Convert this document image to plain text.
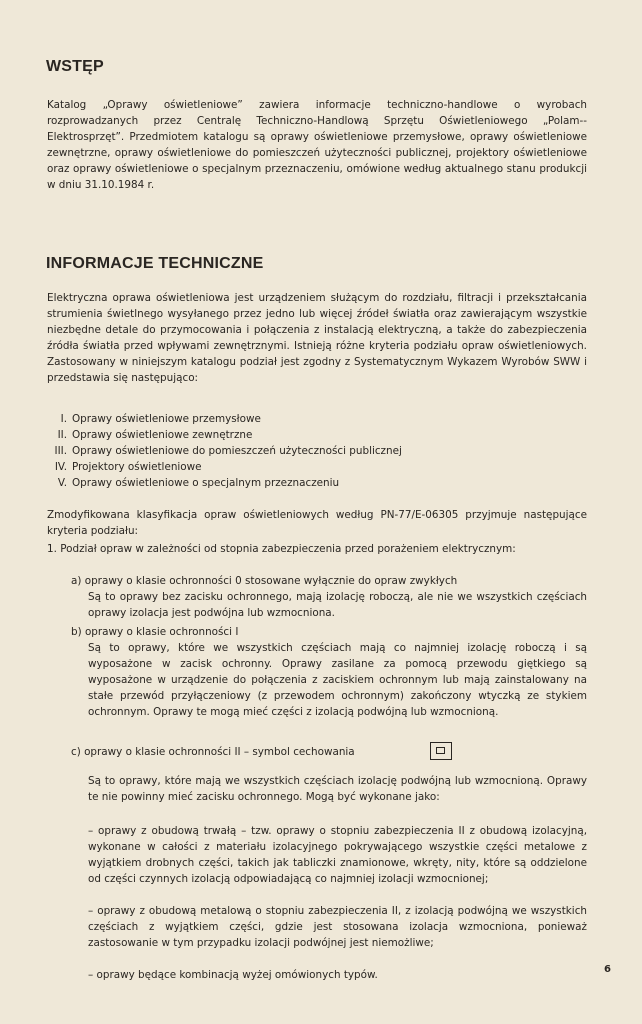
WSTĘP

Katalog „Oprawy oświetleniowe” zawiera informacje techniczno-handlowe o wyrobach rozprowadzanych przez Centralę Techniczno-Handlową Sprzętu Oświetleniowego „Polam--Elektrosprzęt”. Przedmiotem katalogu są oprawy oświetleniowe przemysłowe, oprawy oświetleniowe zewnętrzne, oprawy oświetleniowe do pomieszczeń użyteczności publicznej, projektory oświetleniowe oraz oprawy oświetleniowe o specjalnym przeznaczeniu, omówione według aktualnego stanu produkcji w dniu 31.10.1984 r.

INFORMACJE TECHNICZNE

Elektryczna oprawa oświetleniowa jest urządzeniem służącym do rozdziału, filtracji i przekształcania strumienia świetlnego wysyłanego przez jedno lub więcej źródeł światła oraz zawierającym wszystkie niezbędne detale do przymocowania i połączenia z instalacją elektryczną, a także do zabezpieczenia źródła światła przed wpływami zewnętrznymi. Istnieją różne kryteria podziału opraw oświetleniowych. Zastosowany w niniejszym katalogu podział jest zgodny z Systematycznym Wykazem Wyrobów SWW i przedstawia się następująco:

I. Oprawy oświetleniowe przemysłowe
II. Oprawy oświetleniowe zewnętrzne
III. Oprawy oświetleniowe do pomieszczeń użyteczności publicznej
IV. Projektory oświetleniowe
V. Oprawy oświetleniowe o specjalnym przeznaczeniu

Zmodyfikowana klasyfikacja opraw oświetleniowych według PN-77/E-06305 przyjmuje następujące kryteria podziału:

1. Podział opraw w zależności od stopnia zabezpieczenia przed porażeniem elektrycznym:

a) oprawy o klasie ochronności 0 stosowane wyłącznie do opraw zwykłych

Są to oprawy bez zacisku ochronnego, mają izolację roboczą, ale nie we wszystkich częściach oprawy izolacja jest podwójna lub wzmocniona.

b) oprawy o klasie ochronności I

Są to oprawy, które we wszystkich częściach mają co najmniej izolację roboczą i są wyposażone w zacisk ochronny. Oprawy zasilane za pomocą przewodu giętkiego są wyposażone w urządzenie do połączenia z zaciskiem ochronnym lub mają zainstalowany na stałe przewód przyłączeniowy (z przewodem ochronnym) zakończony wtyczką ze stykiem ochronnym. Oprawy te mogą mieć części z izolacją podwójną lub wzmocnioną.

c) oprawy o klasie ochronności II – symbol cechowania

Są to oprawy, które mają we wszystkich częściach izolację podwójną lub wzmocnioną. Oprawy te nie powinny mieć zacisku ochronnego. Mogą być wykonane jako:

– oprawy z obudową trwałą – tzw. oprawy o stopniu zabezpieczenia II z obudową izolacyjną, wykonane w całości z materiału izolacyjnego pokrywającego wszystkie części metalowe z wyjątkiem drobnych części, takich jak tabliczki znamionowe, wkręty, nity, które są oddzielone od części czynnych izolacją odpowiadającą co najmniej izolacji wzmocnionej;

– oprawy z obudową metalową o stopniu zabezpieczenia II, z izolacją podwójną we wszystkich częściach z wyjątkiem części, gdzie jest stosowana izolacja wzmocniona, ponieważ zastosowanie w tym przypadku izolacji podwójnej jest niemożliwe;

– oprawy będące kombinacją wyżej omówionych typów.	6
